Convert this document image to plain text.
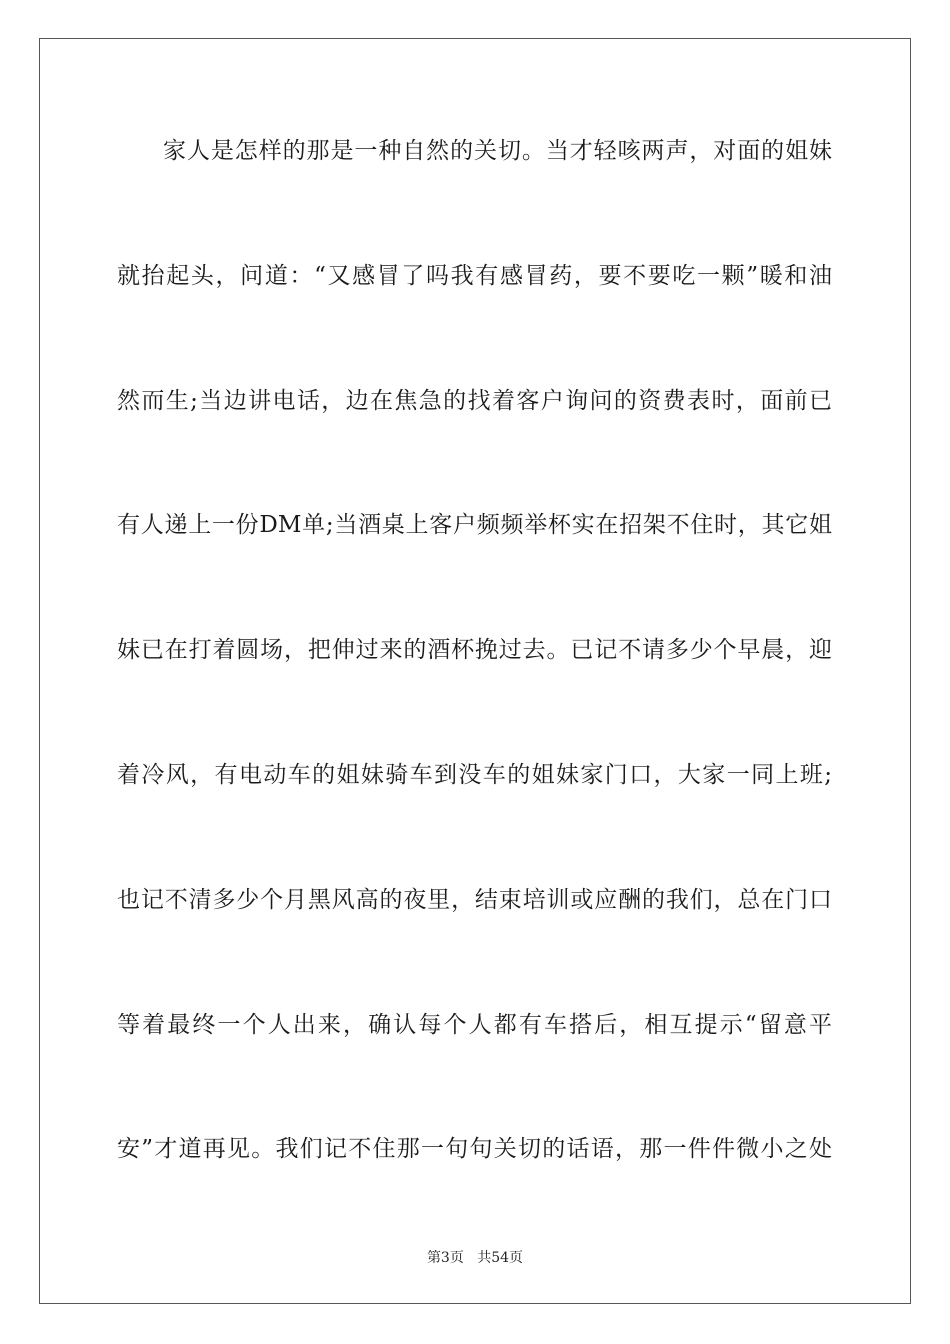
家人是怎样的那是一种自然的关切。当才轻咳两声，对面的姐妹

就抬起头，问道：“又感冒了吗我有感冒药，要不要吃一颗”暖和油

然而生;当边讲电话，边在焦急的找着客户询问的资费表时，面前已

有人递上一份DM单;当酒桌上客户频频举杯实在招架不住时，其它姐

妹已在打着圆场，把伸过来的酒杯挽过去。已记不请多少个早晨，迎

着冷风，有电动车的姐妹骑车到没车的姐妹家门口，大家一同上班;

也记不清多少个月黑风高的夜里，结束培训或应酬的我们，总在门口

等着最终一个人出来，确认每个人都有车搭后，相互提示“留意平

安”才道再见。我们记不住那一句句关切的话语，那一件件微小之处

第3页 共54页
